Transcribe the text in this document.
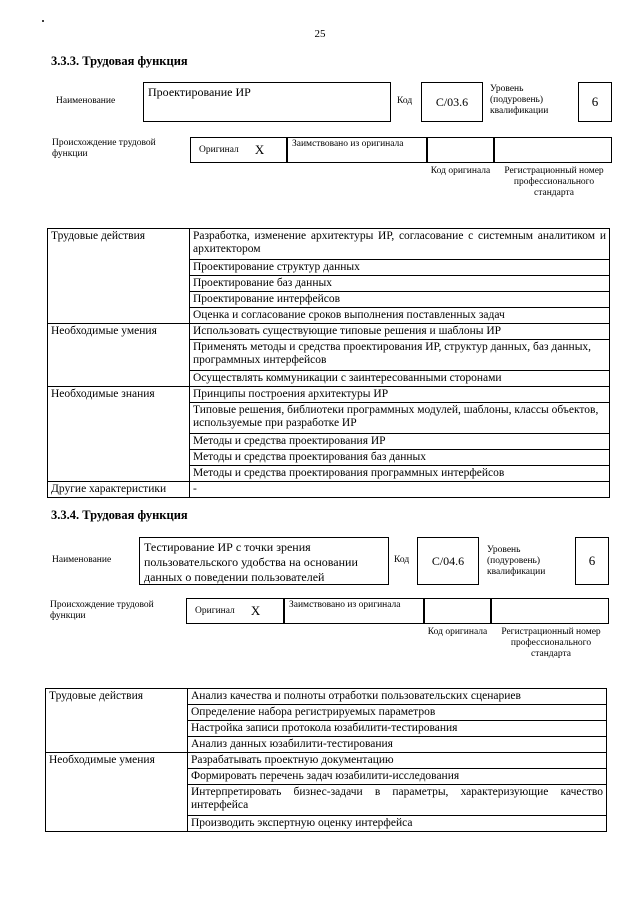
25
3.3.3. Трудовая функция
Наименование
Проектирование ИР
Код	C/03.6
Уровень (подуровень) квалификации
6
Происхождение трудовой функции	Оригинал X	Заимствовано из оригинала
Код оригинала	Регистрационный номер профессионального стандарта
Трудовые действия	Разработка, изменение архитектуры ИР, согласование с системным аналитиком и архитектором
	Проектирование структур данных
	Проектирование баз данных
	Проектирование интерфейсов
	Оценка и согласование сроков выполнения поставленных задач
Необходимые умения	Использовать существующие типовые решения и шаблоны ИР
	Применять методы и средства проектирования ИР, структур данных, баз данных, программных интерфейсов
	Осуществлять коммуникации с заинтересованными сторонами
Необходимые знания	Принципы построения архитектуры ИР
	Типовые решения, библиотеки программных модулей, шаблоны, классы объектов, используемые при разработке ИР
	Методы и средства проектирования ИР
	Методы и средства проектирования баз данных
	Методы и средства проектирования программных интерфейсов
Другие характеристики	-
3.3.4. Трудовая функция
Наименование
Тестирование ИР с точки зрения пользовательского удобства на основании данных о поведении пользователей
Код	C/04.6
Уровень (подуровень) квалификации
6
Происхождение трудовой функции
Оригинал X	Заимствовано из оригинала
Код оригинала	Регистрационный номер профессионального стандарта
Трудовые действия	Анализ качества и полноты отработки пользовательских сценариев
	Определение набора регистрируемых параметров
	Настройка записи протокола юзабилити-тестирования
	Анализ данных юзабилити-тестирования
Необходимые умения	Разрабатывать проектную документацию
	Формировать перечень задач юзабилити-исследования
	Интерпретировать бизнес-задачи в параметры, характеризующие качество интерфейса
	Производить экспертную оценку интерфейса
